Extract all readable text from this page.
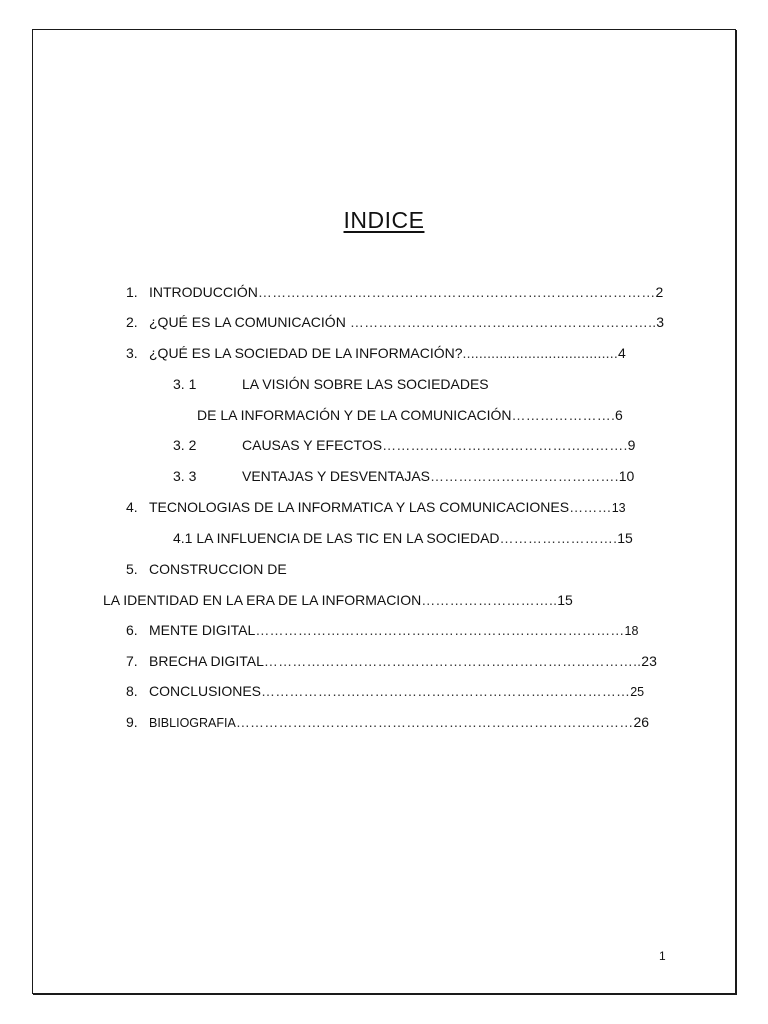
INDICE
1. INTRODUCCIÓN…………………………………………………………………………2
2. ¿QUÉ ES LA COMUNICACIÓN ………………………………………………………..3
3. ¿QUÉ ES LA SOCIEDAD DE LA INFORMACIÓN?......................................4
3. 1	LA VISIÓN SOBRE LAS SOCIEDADES
DE LA INFORMACIÓN Y DE LA COMUNICACIÓN………………….6
3. 2	CAUSAS Y EFECTOS…………………………………………….9
3. 3	VENTAJAS Y DESVENTAJAS………………………………….10
4. TECNOLOGIAS DE LA INFORMATICA Y LAS COMUNICACIONES………13
4.1 LA INFLUENCIA DE LAS TIC EN LA SOCIEDAD…………………….15
5. CONSTRUCCION DE
LA IDENTIDAD EN LA ERA DE LA INFORMACION………………………..15
6. MENTE DIGITAL……………………………………………………………………18
7. BRECHA DIGITAL……………………………………………………………………..23
8. CONCLUSIONES……………………………………………………………………25
9. BIBLIOGRAFIA…………………………………………………………………………26
1
